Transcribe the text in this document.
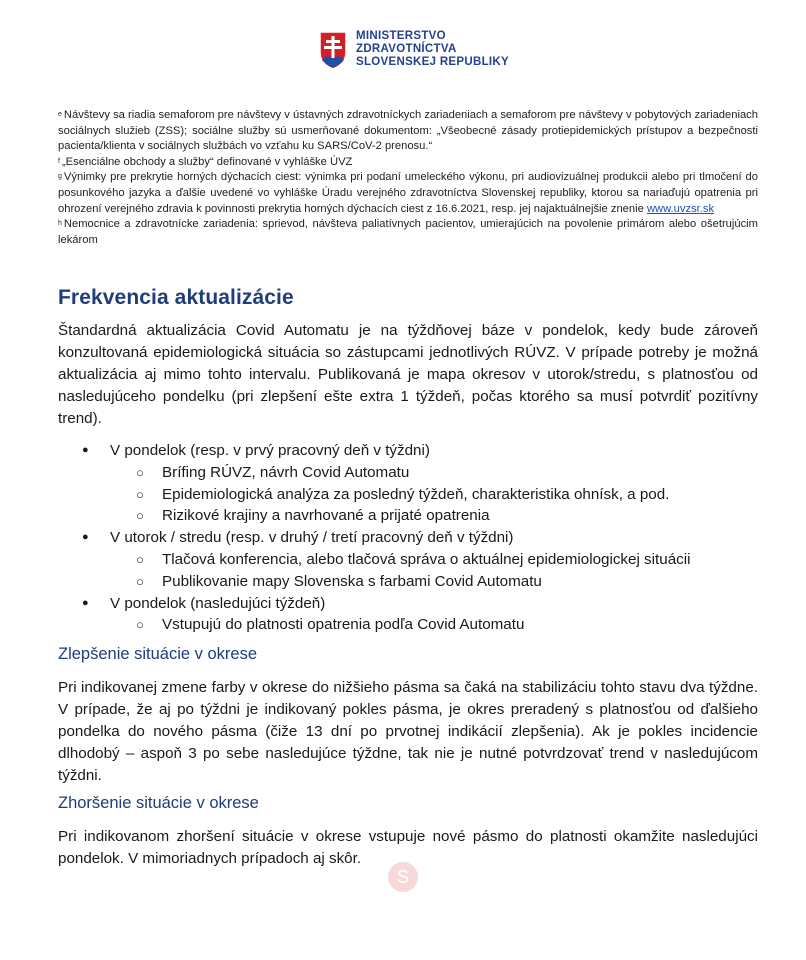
MINISTERSTVO
ZDRAVOTNÍCTVA
SLOVENSKEJ REPUBLIKY

$^e$ Návštevy sa riadia semaforom pre návštevy v ústavných zdravotníckych zariadeniach a semaforom pre návštevy v pobytových zariadeniach sociálnych služieb (ZSS); sociálne služby sú usmerňované dokumentom: „Všeobecné zásady protiepidemických prístupov a bezpečnosti pacienta/klienta v sociálnych službách vo vzťahu ku SARS/CoV-2 prenosu.“

$^f$ „Esenciálne obchody a služby“ definované v vyhláške ÚVZ

$^g$ Výnimky pre prekrytie horných dýchacích ciest: výnimka pri podaní umeleckého výkonu, pri audiovizuálnej produkcii alebo pri tlmočení do posunkového jazyka a ďalšie uvedené vo vyhláške Úradu verejného zdravotníctva Slovenskej republiky, ktorou sa nariaďujú opatrenia pri ohrození verejného zdravia k povinnosti prekrytia horných dýchacích ciest z 16.6.2021, resp. jej najaktuálnejšie znenie www.uvzsr.sk

$^h$ Nemocnice a zdravotnícke zariadenia: sprievod, návšteva paliatívnych pacientov, umierajúcich na povolenie primárom alebo ošetrujúcim lekárom

Frekvencia aktualizácie

Štandardná aktualizácia Covid Automatu je na týždňovej báze v pondelok, kedy bude zároveň konzultovaná epidemiologická situácia so zástupcami jednotlivých RÚVZ. V prípade potreby je možná aktualizácia aj mimo tohto intervalu. Publikovaná je mapa okresov v utorok/stredu, s platnosťou od nasledujúceho pondelku (pri zlepšení ešte extra 1 týždeň, počas ktorého sa musí potvrdiť pozitívny trend).

● V pondelok (resp. v prvý pracovný deň v týždni)
○ Brífing RÚVZ, návrh Covid Automatu
○ Epidemiologická analýza za posledný týždeň, charakteristika ohnísk, a pod.
○ Rizikové krajiny a navrhované a prijaté opatrenia
● V utorok / stredu (resp. v druhý / tretí pracovný deň v týždni)
○ Tlačová konferencia, alebo tlačová správa o aktuálnej epidemiologickej situácii
○ Publikovanie mapy Slovenska s farbami Covid Automatu
● V pondelok (nasledujúci týždeň)
○ Vstupujú do platnosti opatrenia podľa Covid Automatu
Zlepšenie situácie v okrese

Pri indikovanej zmene farby v okrese do nižšieho pásma sa čaká na stabilizáciu tohto stavu dva týždne. V prípade, že aj po týždni je indikovaný pokles pásma, je okres preradený s platnosťou od ďalšieho pondelka do nového pásma (čiže 13 dní po prvotnej indikácií zlepšenia). Ak je pokles incidencie dlhodobý – aspoň 3 po sebe nasledujúce týždne, tak nie je nutné potvrdzovať trend v nasledujúcom týždni.

Zhoršenie situácie v okrese

Pri indikovanom zhoršení situácie v okrese vstupuje nové pásmo do platnosti okamžite nasledujúci pondelok. V mimoriadnych prípadoch aj skôr.

S
